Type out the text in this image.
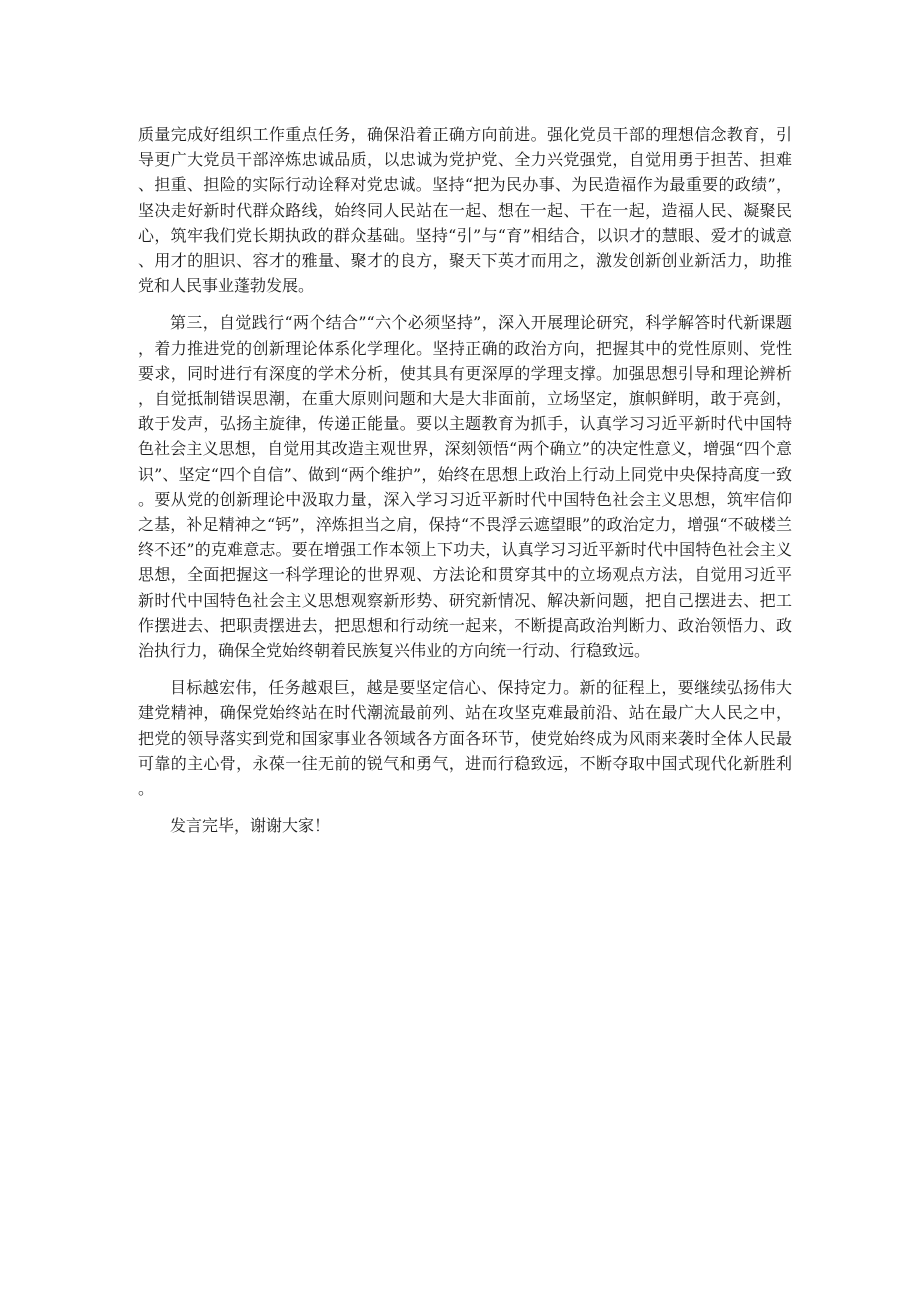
质量完成好组织工作重点任务，确保沿着正确方向前进。强化党员干部的理想信念教育，引导更广大党员干部淬炼忠诚品质，以忠诚为党护党、全力兴党强党，自觉用勇于担苦、担难、担重、担险的实际行动诠释对党忠诚。坚持“把为民办事、为民造福作为最重要的政绩”，坚决走好新时代群众路线，始终同人民站在一起、想在一起、干在一起，造福人民、凝聚民心，筑牢我们党长期执政的群众基础。坚持“引”与“育”相结合，以识才的慧眼、爱才的诚意、用才的胆识、容才的雅量、聚才的良方，聚天下英才而用之，激发创新创业新活力，助推党和人民事业蓬勃发展。

第三，自觉践行“两个结合”“六个必须坚持”，深入开展理论研究，科学解答时代新课题，着力推进党的创新理论体系化学理化。坚持正确的政治方向，把握其中的党性原则、党性要求，同时进行有深度的学术分析，使其具有更深厚的学理支撑。加强思想引导和理论辨析，自觉抵制错误思潮，在重大原则问题和大是大非面前，立场坚定，旗帜鲜明，敢于亮剑，敢于发声，弘扬主旋律，传递正能量。要以主题教育为抓手，认真学习习近平新时代中国特色社会主义思想，自觉用其改造主观世界，深刻领悟“两个确立”的决定性意义，增强“四个意识”、坚定“四个自信”、做到“两个维护”，始终在思想上政治上行动上同党中央保持高度一致。要从党的创新理论中汲取力量，深入学习习近平新时代中国特色社会主义思想，筑牢信仰之基，补足精神之“钙”，淬炼担当之肩，保持“不畏浮云遮望眼”的政治定力，增强“不破楼兰终不还”的克难意志。要在增强工作本领上下功夫，认真学习习近平新时代中国特色社会主义思想，全面把握这一科学理论的世界观、方法论和贯穿其中的立场观点方法，自觉用习近平新时代中国特色社会主义思想观察新形势、研究新情况、解决新问题，把自己摆进去、把工作摆进去、把职责摆进去，把思想和行动统一起来，不断提高政治判断力、政治领悟力、政治执行力，确保全党始终朝着民族复兴伟业的方向统一行动、行稳致远。

目标越宏伟，任务越艰巨，越是要坚定信心、保持定力。新的征程上，要继续弘扬伟大建党精神，确保党始终站在时代潮流最前列、站在攻坚克难最前沿、站在最广大人民之中，把党的领导落实到党和国家事业各领域各方面各环节，使党始终成为风雨来袭时全体人民最可靠的主心骨，永葆一往无前的锐气和勇气，进而行稳致远，不断夺取中国式现代化新胜利。

发言完毕，谢谢大家！
